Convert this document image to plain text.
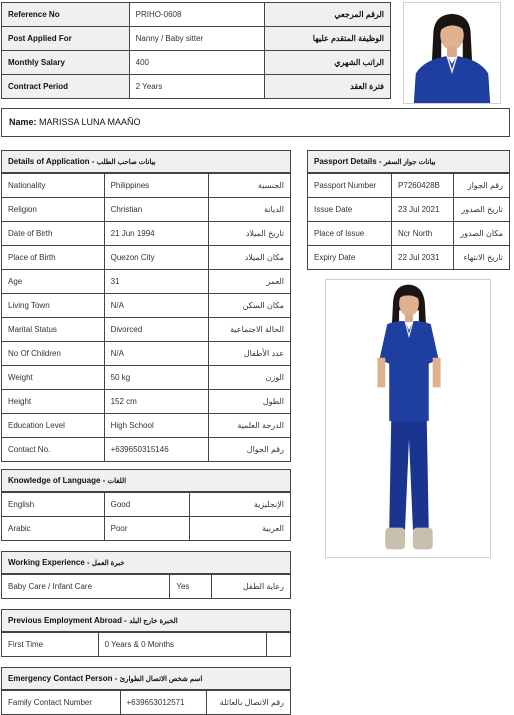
Reference No	PRIHO-0608	الرقم المرجعي
Post Applied For	Nanny / Baby sitter	الوظيفة المتقدم عليها
Monthly Salary	400	الراتب الشهري
Contract Period	2 Years	فترة العقد
Name: MARISSA LUNA MAAÑO
Details of Application - بيانات صاحب الطلب
Nationality	Philippines	الجنسية
Religion	Christian	الديانة
Date of Birth	21 Jun 1994	تاريخ الميلاد
Place of Birth	Quezon City	مكان الميلاد
Age	31	العمر
Living Town	N/A	مكان السكن
Marital Status	Divorced	الحالة الاجتماعية
No Of Children	N/A	عدد الأطفال
Weight	50 kg	الوزن
Height	152 cm	الطول
Education Level	High School	الدرجة العلمية
Contact No.	+639650315146	رقم الجوال
Passport Details - بيانات جواز السفر
Passport Number	P7260428B	رقم الجواز
Issue Date	23 Jul 2021	تاريخ الصدور
Place of Issue	Ncr North	مكان الصدور
Expiry Date	22 Jul 2031	تاريخ الانتهاء
Knowledge of Language - اللغات
English	Good	الإنجليزية
Arabic	Poor	العربية
Working Experience - خبرة العمل
Baby Care / Infant Care	Yes	رعاية الطفل
Previous Employment Abroad - الخبرة خارج البلد
First Time	0 Years & 0 Months	
Emergency Contact Person - اسم شخص الاتصال الطوارئ
Family Contact Number	+639653012571	رقم الاتصال بالعائلة
